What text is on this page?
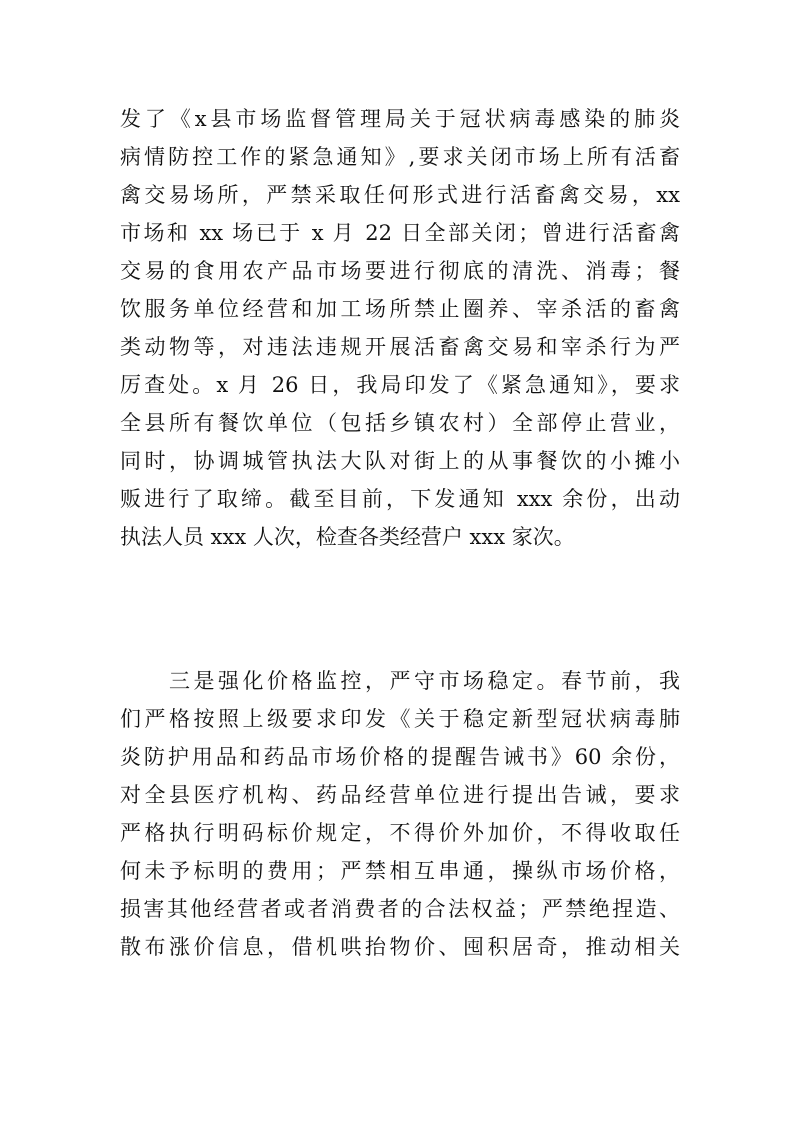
发了《x县市场监督管理局关于冠状病毒感染的肺炎
病情防控工作的紧急通知》,要求关闭市场上所有活畜
禽交易场所，严禁采取任何形式进行活畜禽交易，xx
市场和 xx 场已于 x 月 22 日全部关闭；曾进行活畜禽
交易的食用农产品市场要进行彻底的清洗、消毒；餐
饮服务单位经营和加工场所禁止圈养、宰杀活的畜禽
类动物等，对违法违规开展活畜禽交易和宰杀行为严
厉查处。x 月 26 日，我局印发了《紧急通知》，要求
全县所有餐饮单位（包括乡镇农村）全部停止营业，
同时，协调城管执法大队对街上的从事餐饮的小摊小
贩进行了取缔。截至目前，下发通知 xxx 余份，出动
执法人员 xxx 人次，检查各类经营户 xxx 家次。
　　三是强化价格监控，严守市场稳定。春节前，我
们严格按照上级要求印发《关于稳定新型冠状病毒肺
炎防护用品和药品市场价格的提醒告诫书》60 余份，
对全县医疗机构、药品经营单位进行提出告诫，要求
严格执行明码标价规定，不得价外加价，不得收取任
何未予标明的费用；严禁相互串通，操纵市场价格，
损害其他经营者或者消费者的合法权益；严禁绝捏造、
散布涨价信息，借机哄抬物价、囤积居奇，推动相关
